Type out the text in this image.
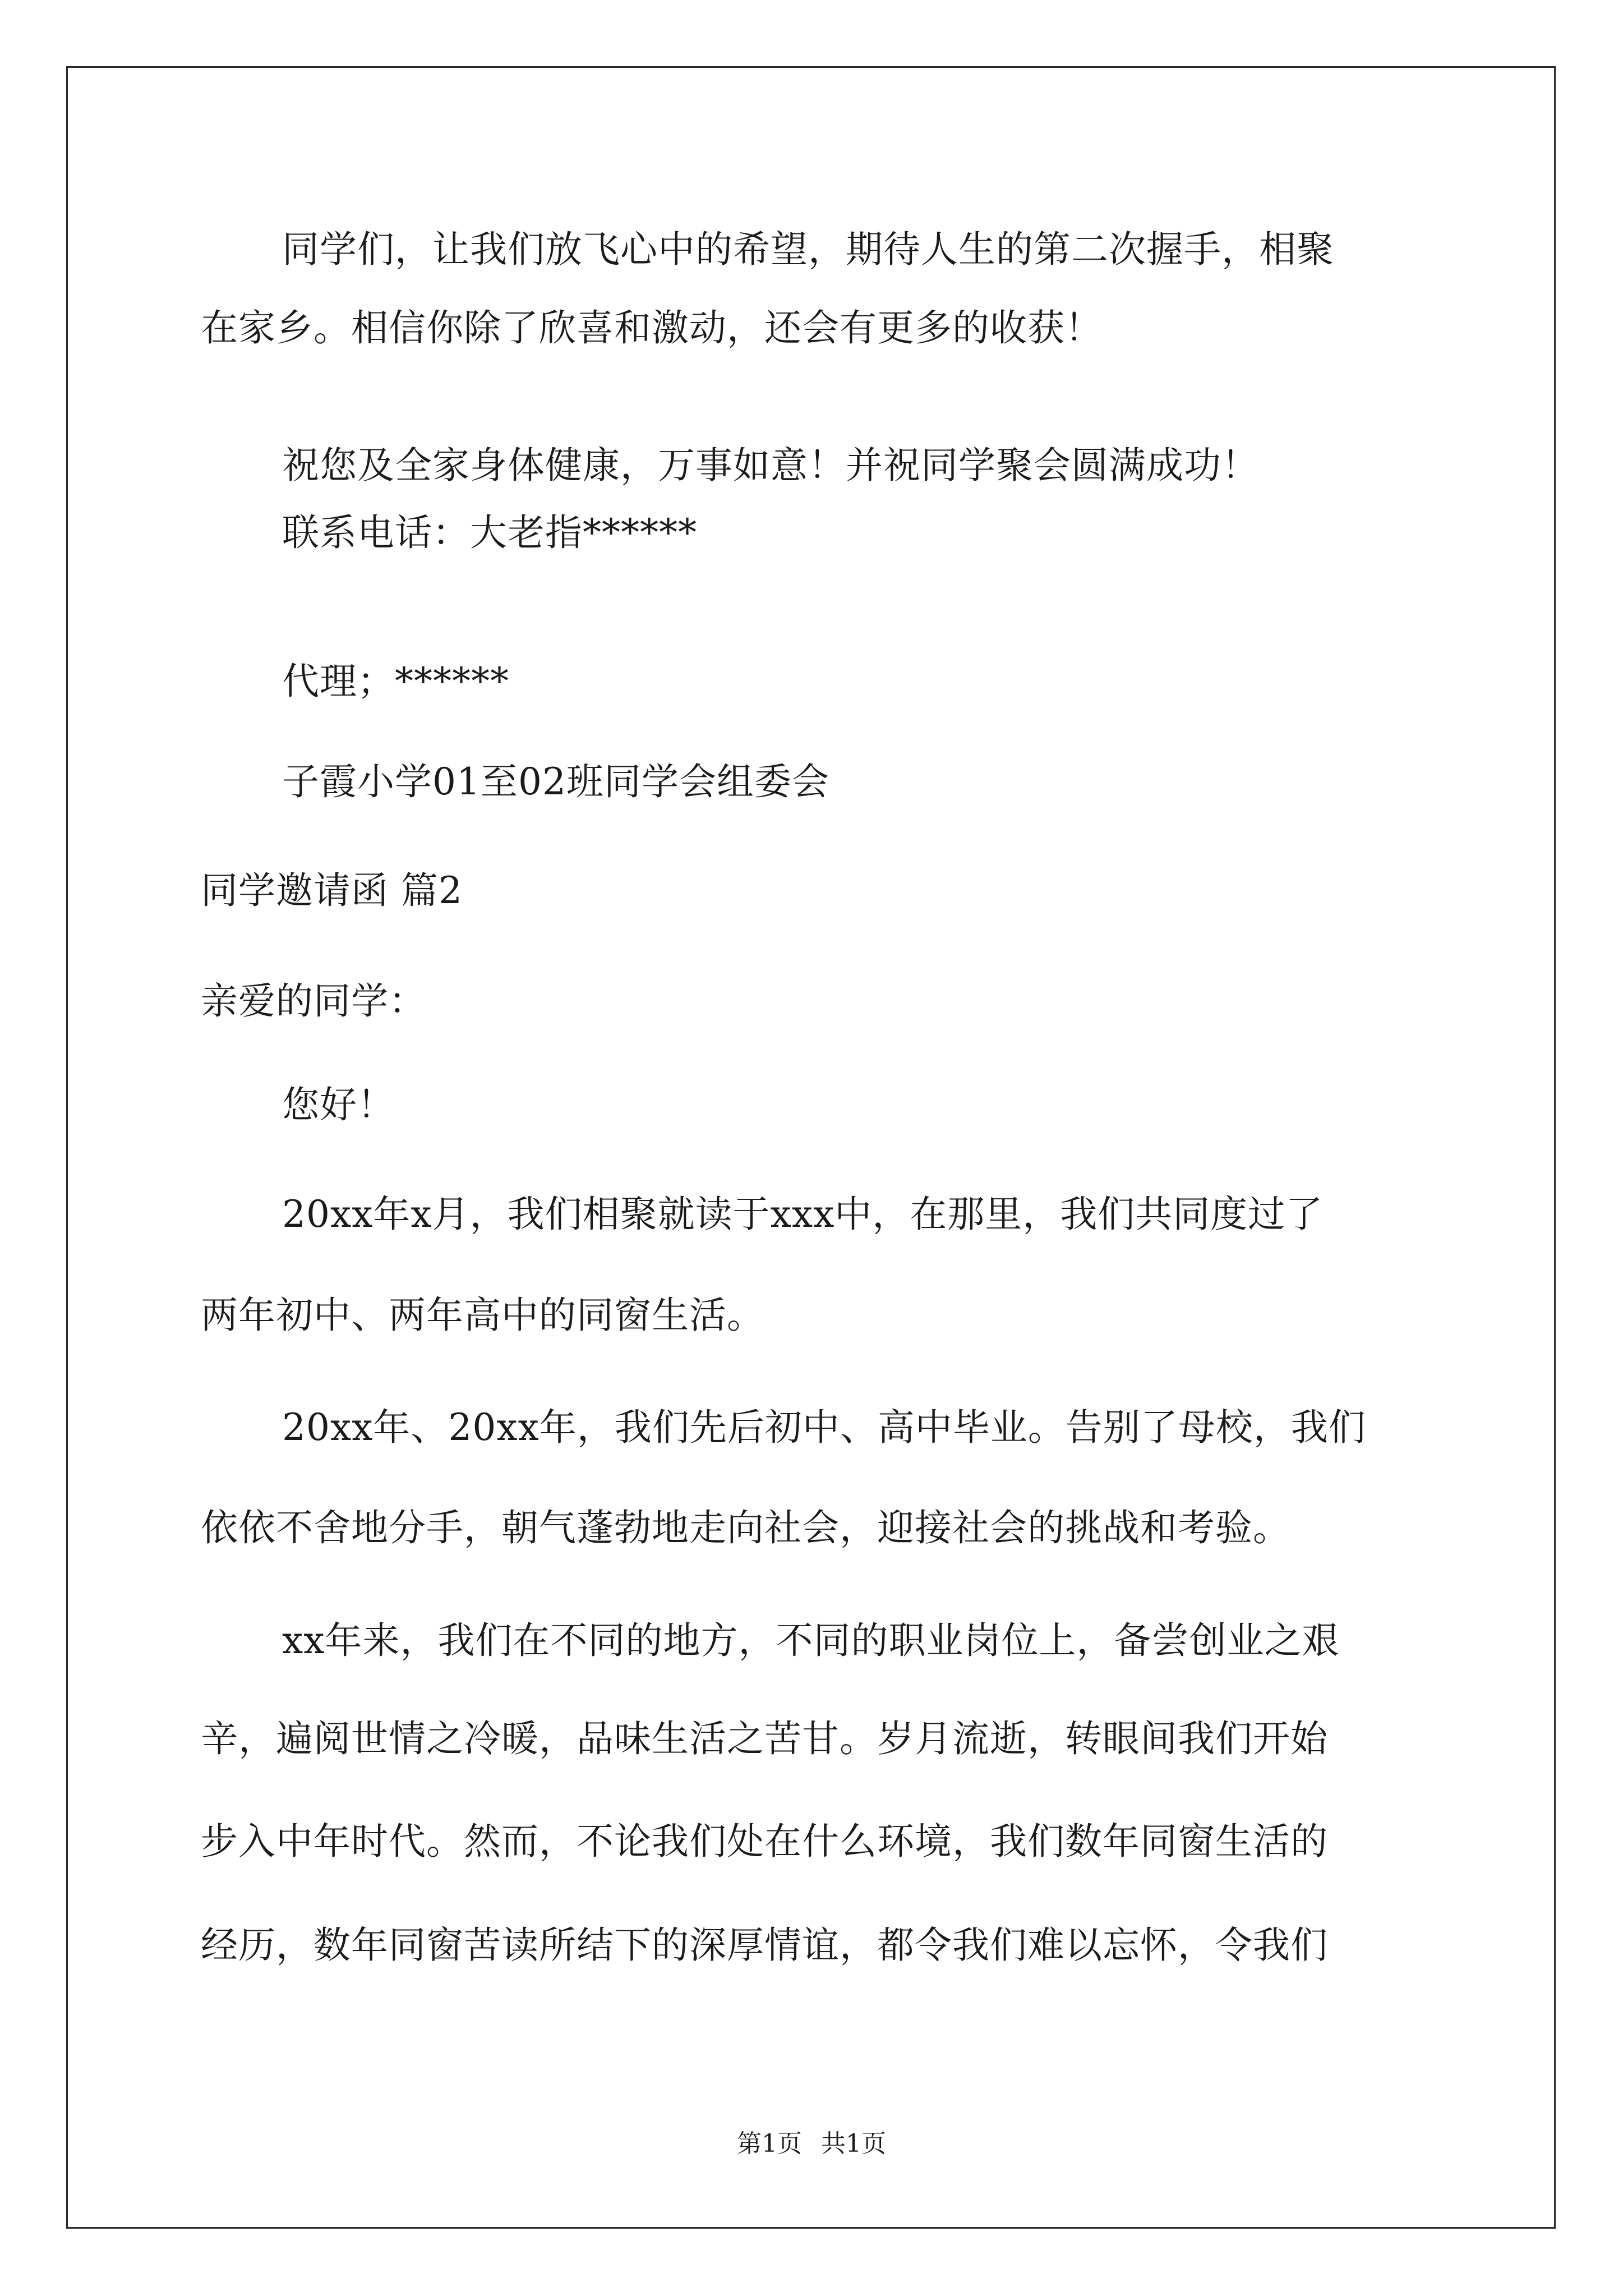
同学们，让我们放飞心中的希望，期待人生的第二次握手，相聚
在家乡。相信你除了欣喜和激动，还会有更多的收获！
祝您及全家身体健康，万事如意！并祝同学聚会圆满成功！
联系电话：大老指******
代理；******
子霞小学01至02班同学会组委会
同学邀请函 篇2
亲爱的同学：
您好！
20xx年x月，我们相聚就读于xxx中，在那里，我们共同度过了
两年初中、两年高中的同窗生活。
20xx年、20xx年，我们先后初中、高中毕业。告别了母校，我们
依依不舍地分手，朝气蓬勃地走向社会，迎接社会的挑战和考验。
xx年来，我们在不同的地方，不同的职业岗位上，备尝创业之艰
辛，遍阅世情之冷暖，品味生活之苦甘。岁月流逝，转眼间我们开始
步入中年时代。然而，不论我们处在什么环境，我们数年同窗生活的
经历，数年同窗苦读所结下的深厚情谊，都令我们难以忘怀，令我们
第1页 共1页
